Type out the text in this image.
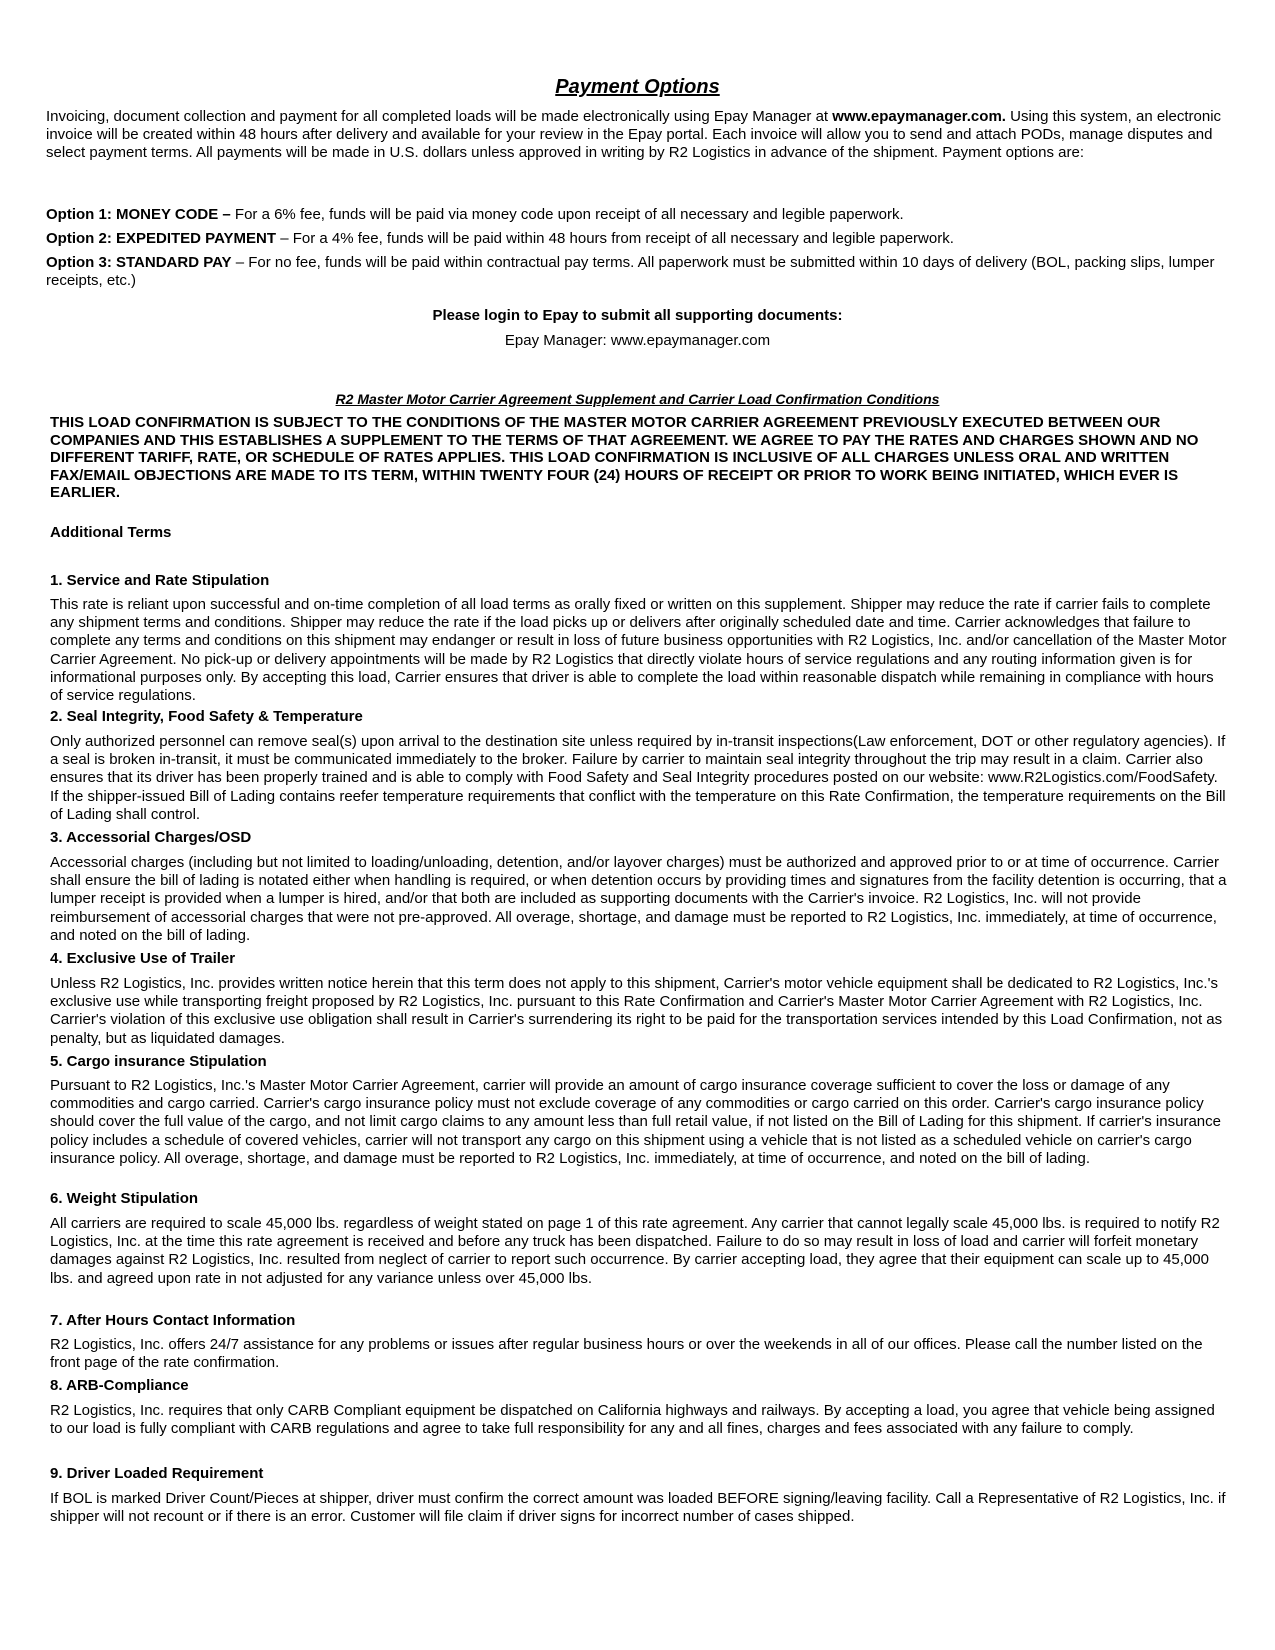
Payment Options
Invoicing, document collection and payment for all completed loads will be made electronically using Epay Manager at www.epaymanager.com. Using this system, an electronic invoice will be created within 48 hours after delivery and available for your review in the Epay portal. Each invoice will allow you to send and attach PODs, manage disputes and select payment terms. All payments will be made in U.S. dollars unless approved in writing by R2 Logistics in advance of the shipment. Payment options are:
Option 1: MONEY CODE – For a 6% fee, funds will be paid via money code upon receipt of all necessary and legible paperwork.
Option 2: EXPEDITED PAYMENT – For a 4% fee, funds will be paid within 48 hours from receipt of all necessary and legible paperwork.
Option 3: STANDARD PAY – For no fee, funds will be paid within contractual pay terms. All paperwork must be submitted within 10 days of delivery (BOL, packing slips, lumper receipts, etc.)
Please login to Epay to submit all supporting documents:
Epay Manager: www.epaymanager.com
R2 Master Motor Carrier Agreement Supplement and Carrier Load Confirmation Conditions
THIS LOAD CONFIRMATION IS SUBJECT TO THE CONDITIONS OF THE MASTER MOTOR CARRIER AGREEMENT PREVIOUSLY EXECUTED BETWEEN OUR COMPANIES AND THIS ESTABLISHES A SUPPLEMENT TO THE TERMS OF THAT AGREEMENT. WE AGREE TO PAY THE RATES AND CHARGES SHOWN AND NO DIFFERENT TARIFF, RATE, OR SCHEDULE OF RATES APPLIES. THIS LOAD CONFIRMATION IS INCLUSIVE OF ALL CHARGES UNLESS ORAL AND WRITTEN FAX/EMAIL OBJECTIONS ARE MADE TO ITS TERM, WITHIN TWENTY FOUR (24) HOURS OF RECEIPT OR PRIOR TO WORK BEING INITIATED, WHICH EVER IS EARLIER.
Additional Terms
1. Service and Rate Stipulation
This rate is reliant upon successful and on-time completion of all load terms as orally fixed or written on this supplement. Shipper may reduce the rate if carrier fails to complete any shipment terms and conditions. Shipper may reduce the rate if the load picks up or delivers after originally scheduled date and time. Carrier acknowledges that failure to complete any terms and conditions on this shipment may endanger or result in loss of future business opportunities with R2 Logistics, Inc. and/or cancellation of the Master Motor Carrier Agreement. No pick-up or delivery appointments will be made by R2 Logistics that directly violate hours of service regulations and any routing information given is for informational purposes only. By accepting this load, Carrier ensures that driver is able to complete the load within reasonable dispatch while remaining in compliance with hours of service regulations.
2. Seal Integrity, Food Safety & Temperature
Only authorized personnel can remove seal(s) upon arrival to the destination site unless required by in-transit inspections(Law enforcement, DOT or other regulatory agencies). If a seal is broken in-transit, it must be communicated immediately to the broker. Failure by carrier to maintain seal integrity throughout the trip may result in a claim. Carrier also ensures that its driver has been properly trained and is able to comply with Food Safety and Seal Integrity procedures posted on our website: www.R2Logistics.com/FoodSafety. If the shipper-issued Bill of Lading contains reefer temperature requirements that conflict with the temperature on this Rate Confirmation, the temperature requirements on the Bill of Lading shall control.
3. Accessorial Charges/OSD
Accessorial charges (including but not limited to loading/unloading, detention, and/or layover charges) must be authorized and approved prior to or at time of occurrence. Carrier shall ensure the bill of lading is notated either when handling is required, or when detention occurs by providing times and signatures from the facility detention is occurring, that a lumper receipt is provided when a lumper is hired, and/or that both are included as supporting documents with the Carrier's invoice. R2 Logistics, Inc. will not provide reimbursement of accessorial charges that were not pre-approved. All overage, shortage, and damage must be reported to R2 Logistics, Inc. immediately, at time of occurrence, and noted on the bill of lading.
4. Exclusive Use of Trailer
Unless R2 Logistics, Inc. provides written notice herein that this term does not apply to this shipment, Carrier's motor vehicle equipment shall be dedicated to R2 Logistics, Inc.'s exclusive use while transporting freight proposed by R2 Logistics, Inc. pursuant to this Rate Confirmation and Carrier's Master Motor Carrier Agreement with R2 Logistics, Inc. Carrier's violation of this exclusive use obligation shall result in Carrier's surrendering its right to be paid for the transportation services intended by this Load Confirmation, not as penalty, but as liquidated damages.
5. Cargo insurance Stipulation
Pursuant to R2 Logistics, Inc.'s Master Motor Carrier Agreement, carrier will provide an amount of cargo insurance coverage sufficient to cover the loss or damage of any commodities and cargo carried. Carrier's cargo insurance policy must not exclude coverage of any commodities or cargo carried on this order. Carrier's cargo insurance policy should cover the full value of the cargo, and not limit cargo claims to any amount less than full retail value, if not listed on the Bill of Lading for this shipment. If carrier's insurance policy includes a schedule of covered vehicles, carrier will not transport any cargo on this shipment using a vehicle that is not listed as a scheduled vehicle on carrier's cargo insurance policy. All overage, shortage, and damage must be reported to R2 Logistics, Inc. immediately, at time of occurrence, and noted on the bill of lading.
6. Weight Stipulation
All carriers are required to scale 45,000 lbs. regardless of weight stated on page 1 of this rate agreement. Any carrier that cannot legally scale 45,000 lbs. is required to notify R2 Logistics, Inc. at the time this rate agreement is received and before any truck has been dispatched. Failure to do so may result in loss of load and carrier will forfeit monetary damages against R2 Logistics, Inc. resulted from neglect of carrier to report such occurrence. By carrier accepting load, they agree that their equipment can scale up to 45,000 lbs. and agreed upon rate in not adjusted for any variance unless over 45,000 lbs.
7. After Hours Contact Information
R2 Logistics, Inc. offers 24/7 assistance for any problems or issues after regular business hours or over the weekends in all of our offices. Please call the number listed on the front page of the rate confirmation.
8. ARB-Compliance
R2 Logistics, Inc. requires that only CARB Compliant equipment be dispatched on California highways and railways. By accepting a load, you agree that vehicle being assigned to our load is fully compliant with CARB regulations and agree to take full responsibility for any and all fines, charges and fees associated with any failure to comply.
9. Driver Loaded Requirement
If BOL is marked Driver Count/Pieces at shipper, driver must confirm the correct amount was loaded BEFORE signing/leaving facility. Call a Representative of R2 Logistics, Inc. if shipper will not recount or if there is an error. Customer will file claim if driver signs for incorrect number of cases shipped.
